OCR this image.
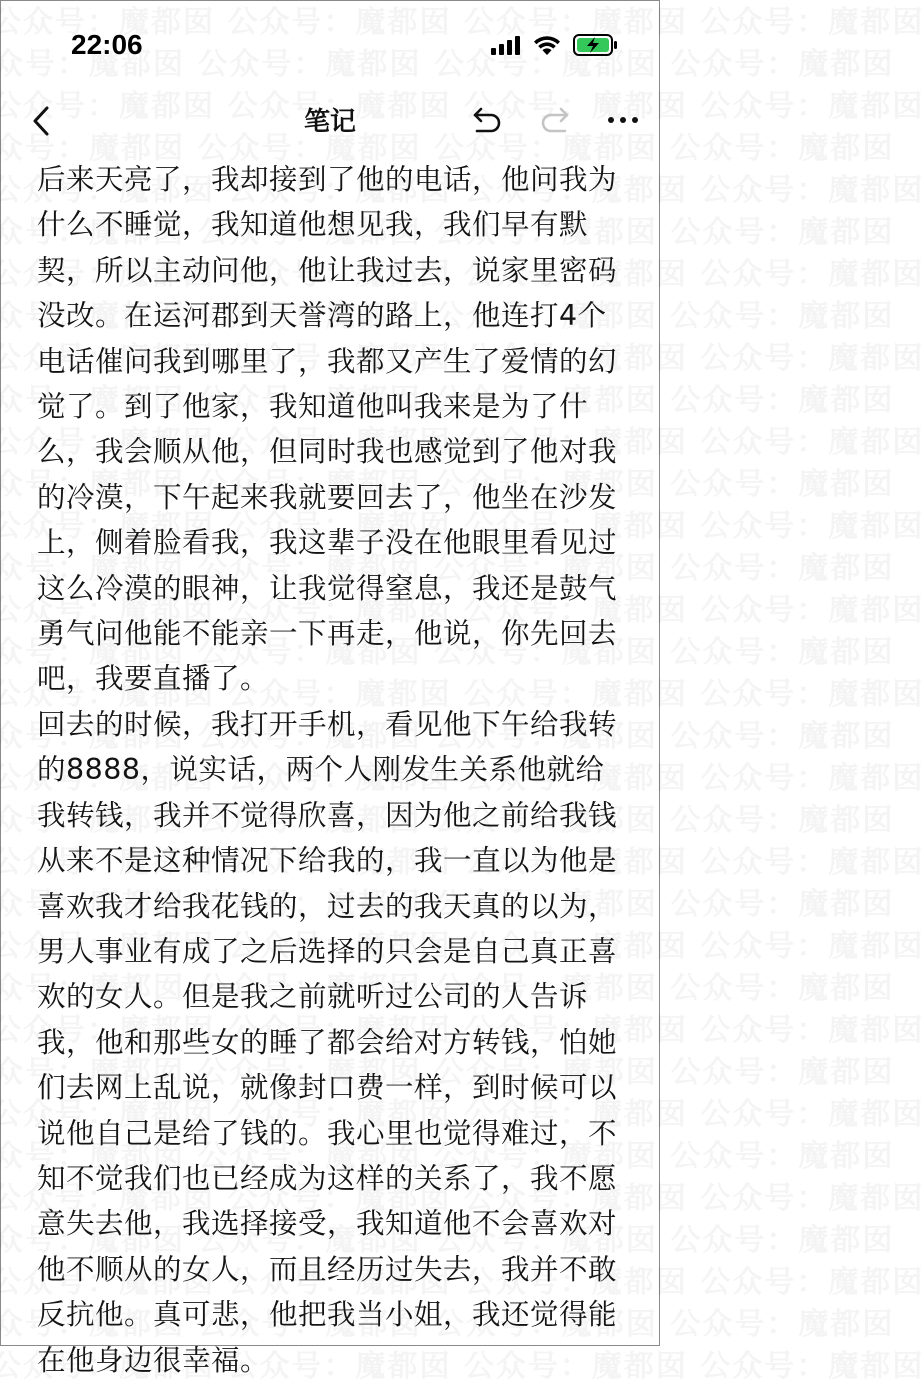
22:06
笔记

后来天亮了，我却接到了他的电话，他问我为什么不睡觉，我知道他想见我，我们早有默契，所以主动问他，他让我过去，说家里密码没改。在运河郡到天誉湾的路上，他连打4个电话催问我到哪里了，我都又产生了爱情的幻觉了。到了他家，我知道他叫我来是为了什么，我会顺从他，但同时我也感觉到了他对我的冷漠，下午起来我就要回去了，他坐在沙发上，侧着脸看我，我这辈子没在他眼里看见过这么冷漠的眼神，让我觉得窒息，我还是鼓气勇气问他能不能亲一下再走，他说，你先回去吧，我要直播了。

回去的时候，我打开手机，看见他下午给我转的8888，说实话，两个人刚发生关系他就给我转钱，我并不觉得欣喜，因为他之前给我钱从来不是这种情况下给我的，我一直以为他是喜欢我才给我花钱的，过去的我天真的以为，男人事业有成了之后选择的只会是自己真正喜欢的女人。但是我之前就听过公司的人告诉我，他和那些女的睡了都会给对方转钱，怕她们去网上乱说，就像封口费一样，到时候可以说他自己是给了钱的。我心里也觉得难过，不知不觉我们也已经成为这样的关系了，我不愿意失去他，我选择接受，我知道他不会喜欢对他不顺从的女人，而且经历过失去，我并不敢反抗他。真可悲，他把我当小姐，我还觉得能在他身边很幸福。
